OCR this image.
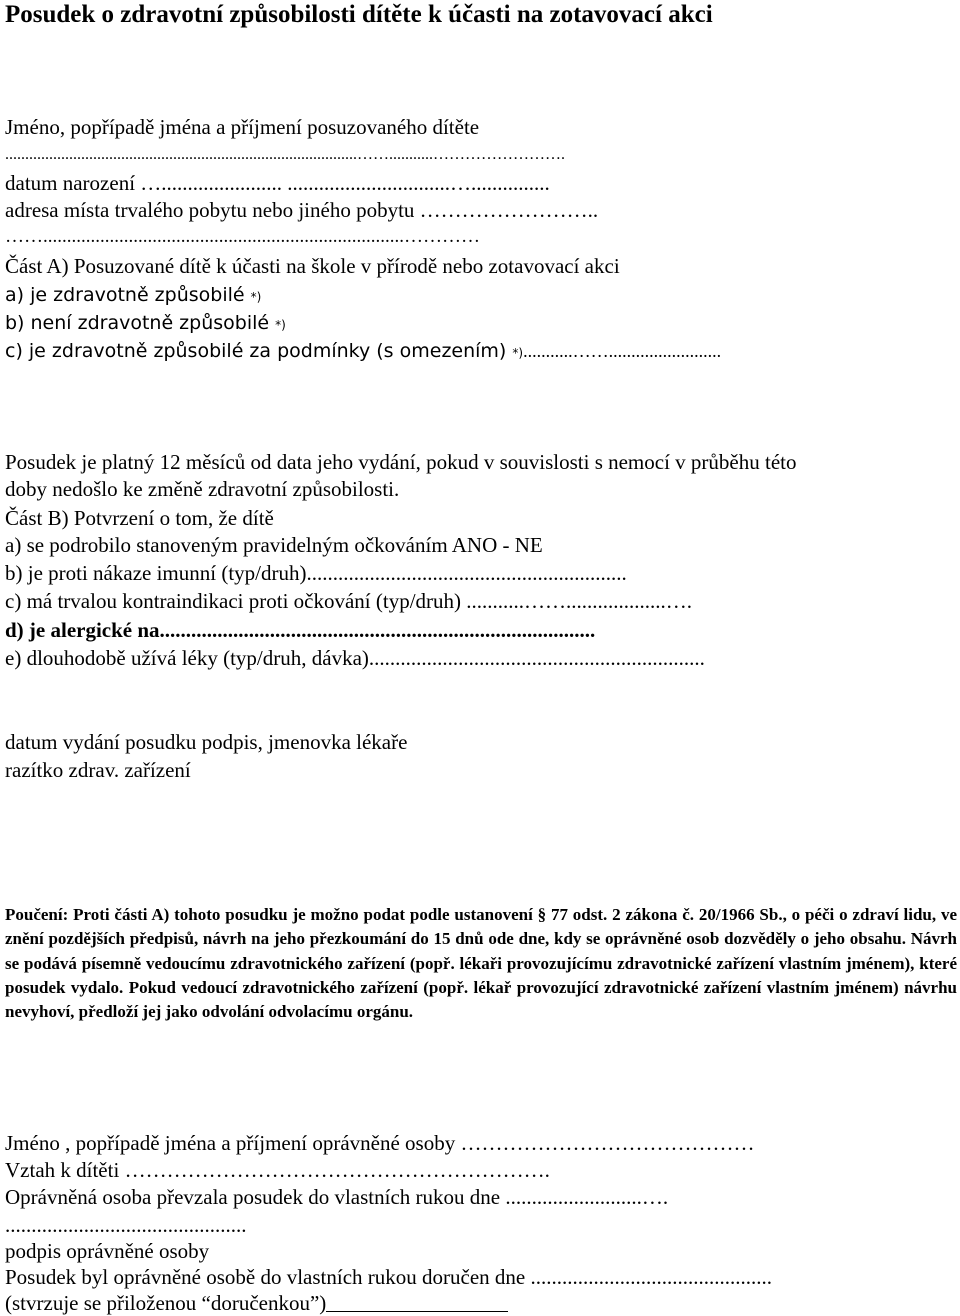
Posudek o zdravotní způsobilosti dítěte k účasti na zotavovací akci
Jméno, popřípadě jména a příjmení posuzovaného dítěte
........................................................................................……...........…………………….
datum narození …....................... ...............................…...............
adresa místa trvalého pobytu nebo jiného pobytu ……………………..
……............................................................................…………
Část A) Posuzované dítě k účasti na škole v přírodě nebo zotavovací akci
a) je zdravotně způsobilé *)
b) není zdravotně způsobilé *)
c) je zdravotně způsobilé za podmínky (s omezením) *)...........…….........................
Posudek je platný 12 měsíců od data jeho vydání, pokud v souvislosti s nemocí v průběhu této
doby nedošlo ke změně zdravotní způsobilosti.
Část B) Potvrzení o tom, že dítě
a) se podrobilo stanoveným pravidelným očkováním ANO - NE
b) je proti nákaze imunní (typ/druh).............................................................
c) má trvalou kontraindikaci proti očkování (typ/druh) ...........……...................….
d) je alergické na...................................................................................
e) dlouhodobě užívá léky (typ/druh, dávka)................................................................
datum vydání posudku podpis, jmenovka lékaře
razítko zdrav. zařízení
Poučení: Proti části A) tohoto posudku je možno podat podle ustanovení § 77 odst. 2 zákona č. 20/1966 Sb., o péči o zdraví lidu, ve znění pozdějších předpisů, návrh na jeho přezkoumání do 15 dnů ode dne, kdy se oprávněné osob dozvěděly o jeho obsahu. Návrh se podává písemně vedoucímu zdravotnického zařízení (popř. lékaři provozujícímu zdravotnické zařízení vlastním jménem), které posudek vydalo. Pokud vedoucí zdravotnického zařízení (popř. lékař provozující zdravotnické zařízení vlastním jménem) návrhu nevyhoví, předloží jej jako odvolání odvolacímu orgánu.
Jméno , popřípadě jména a příjmení oprávněné osoby ……………………………………
Vztah k dítěti …………………………………………………….
Oprávněná osoba převzala posudek do vlastních rukou dne ..........................….
..............................................
podpis oprávněné osoby
Posudek byl oprávněné osobě do vlastních rukou doručen dne ..............................................
(stvrzuje se přiloženou “doručenkou”)
